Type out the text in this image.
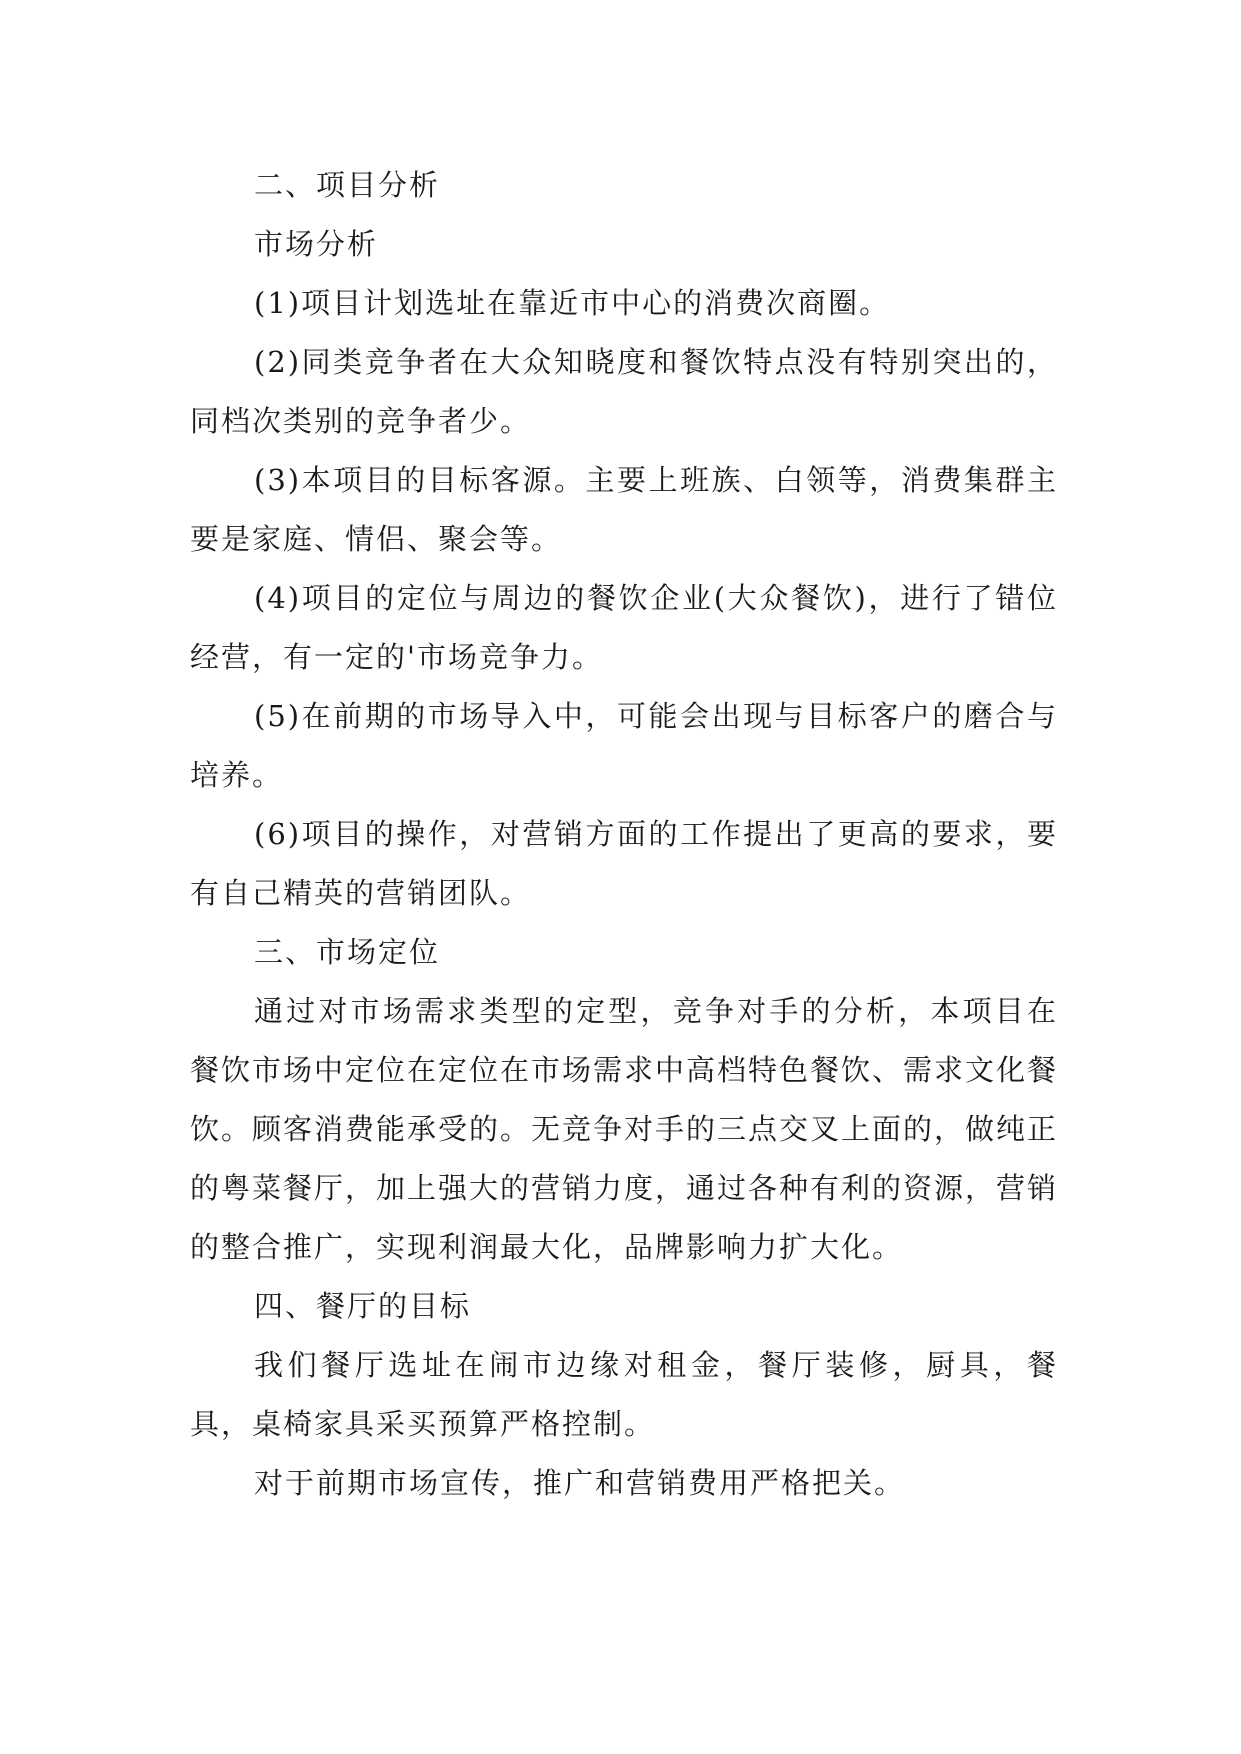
二、项目分析

市场分析

(1)项目计划选址在靠近市中心的消费次商圈。

(2)同类竞争者在大众知晓度和餐饮特点没有特别突出的，同档次类别的竞争者少。

(3)本项目的目标客源。主要上班族、白领等，消费集群主要是家庭、情侣、聚会等。

(4)项目的定位与周边的餐饮企业(大众餐饮)，进行了错位经营，有一定的'市场竞争力。

(5)在前期的市场导入中，可能会出现与目标客户的磨合与培养。

(6)项目的操作，对营销方面的工作提出了更高的要求，要有自己精英的营销团队。

三、市场定位

通过对市场需求类型的定型，竞争对手的分析，本项目在餐饮市场中定位在定位在市场需求中高档特色餐饮、需求文化餐饮。顾客消费能承受的。无竞争对手的三点交叉上面的，做纯正的粤菜餐厅，加上强大的营销力度，通过各种有利的资源，营销的整合推广，实现利润最大化，品牌影响力扩大化。

四、餐厅的目标

我们餐厅选址在闹市边缘对租金，餐厅装修，厨具，餐具，桌椅家具采买预算严格控制。

对于前期市场宣传，推广和营销费用严格把关。
